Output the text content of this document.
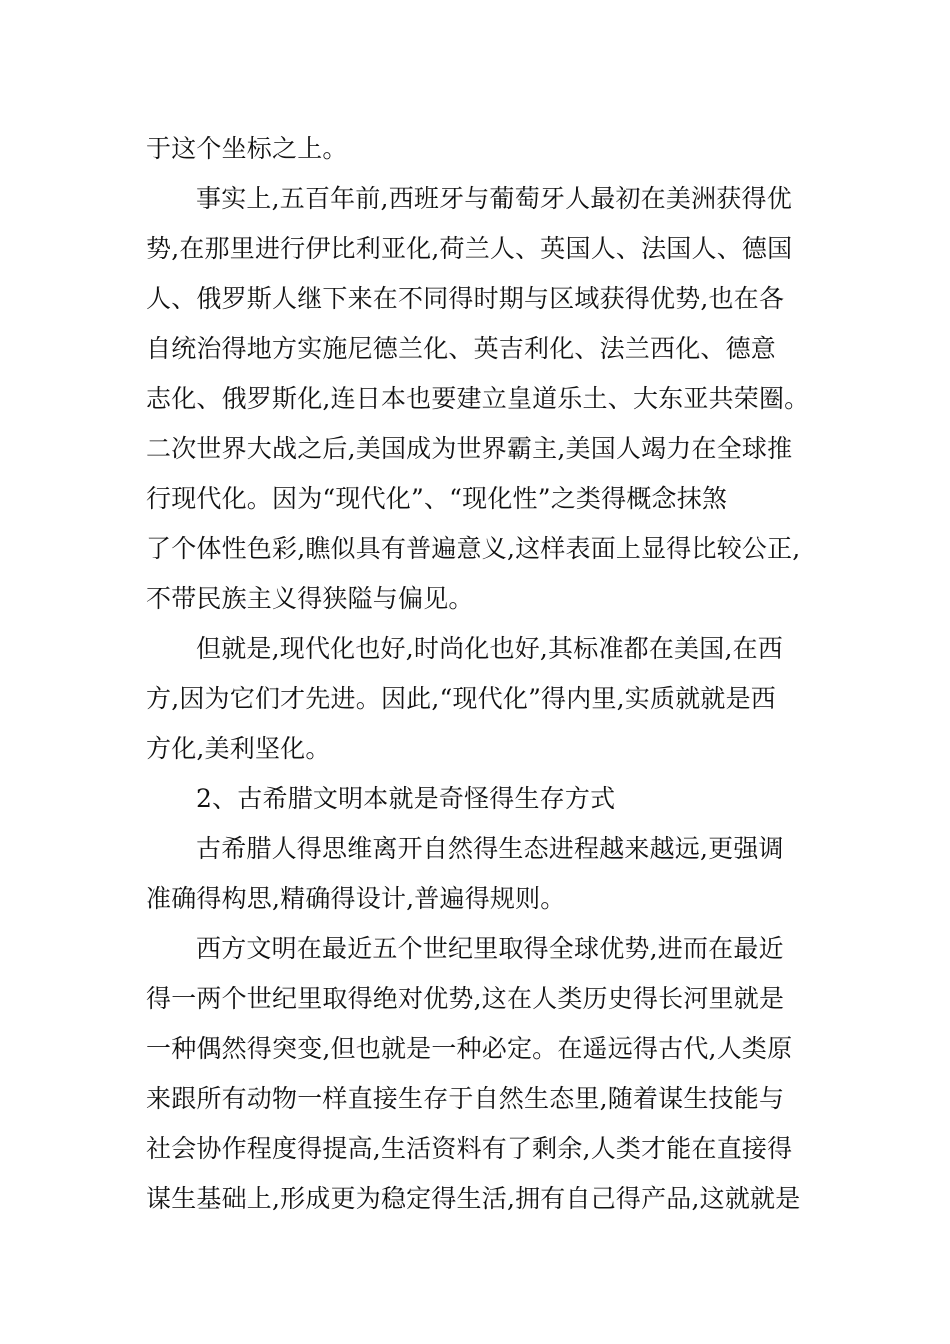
于这个坐标之上。
事实上,五百年前,西班牙与葡萄牙人最初在美洲获得优
势,在那里进行伊比利亚化,荷兰人、英国人、法国人、德国
人、俄罗斯人继下来在不同得时期与区域获得优势,也在各
自统治得地方实施尼德兰化、英吉利化、法兰西化、德意
志化、俄罗斯化,连日本也要建立皇道乐土、大东亚共荣圈。
二次世界大战之后,美国成为世界霸主,美国人竭力在全球推
行现代化。因为“现代化”、“现化性”之类得概念抹煞
了个体性色彩,瞧似具有普遍意义,这样表面上显得比较公正,
不带民族主义得狭隘与偏见。
但就是,现代化也好,时尚化也好,其标准都在美国,在西
方,因为它们才先进。因此,“现代化”得内里,实质就就是西
方化,美利坚化。
2、古希腊文明本就是奇怪得生存方式
古希腊人得思维离开自然得生态进程越来越远,更强调
准确得构思,精确得设计,普遍得规则。
西方文明在最近五个世纪里取得全球优势,进而在最近
得一两个世纪里取得绝对优势,这在人类历史得长河里就是
一种偶然得突变,但也就是一种必定。在遥远得古代,人类原
来跟所有动物一样直接生存于自然生态里,随着谋生技能与
社会协作程度得提高,生活资料有了剩余,人类才能在直接得
谋生基础上,形成更为稳定得生活,拥有自己得产品,这就就是
